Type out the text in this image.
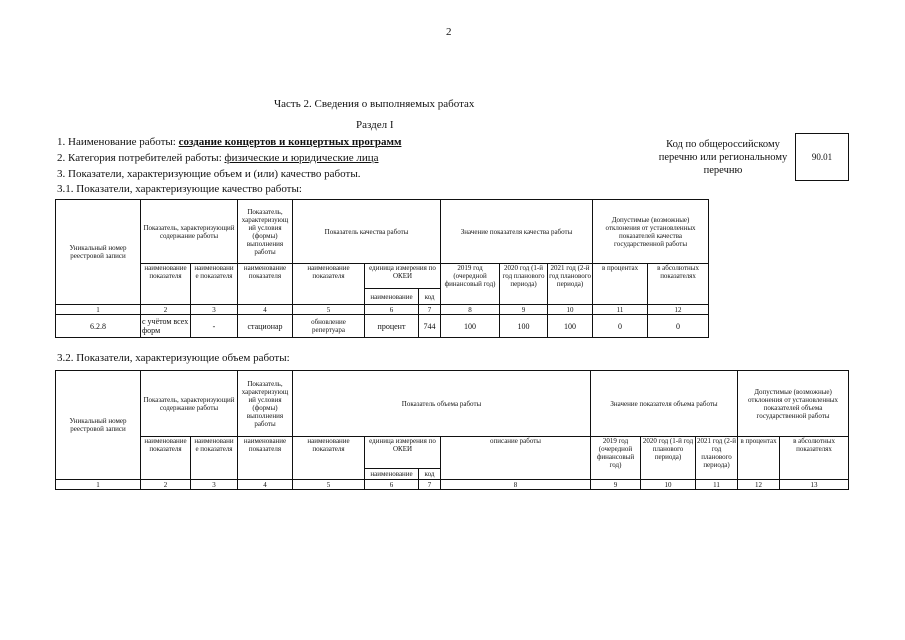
2
Часть 2. Сведения о выполняемых работах
Раздел I
1. Наименование работы: создание концертов и концертных программ
2. Категория потребителей работы: физические и юридические лица
3. Показатели, характеризующие объем и (или) качество работы.
Код по общероссийскому перечню или региональному перечню
90.01
3.1. Показатели, характеризующие качество работы:
Уникальный номер реестровой записи	Показатель, характеризующий содержание работы		Показатель, характеризующ ий условия (формы) выполнения работы	Показатель качества работы			Значение показателя качества работы			Допустимые (возможные) отклонения от установленных показателей качества государственной работы	
	наименование показателя	наименовани е показателя	наименование показателя	наименование показателя	единица измерения по ОКЕИ		2019 год (очередной финансовый год)	2020 год (1-й год планового периода)	2021 год (2-й год планового периода)	в процентах	в абсолютных показателях
					наименование	код					
1	2	3	4	5	6	7	8	9	10	11	12
6.2.8	с учётом всех форм	-	стационар	обновление репертуара	процент	744	100	100	100	0	0
3.2. Показатели, характеризующие объем работы:
Уникальный номер реестровой записи	Показатель, характеризующий содержание работы		Показатель, характеризующ ий условия (формы) выполнения работы	Показатель объема работы				Значение показателя объема работы			Допустимые (возможные) отклонения от установленных показателей объема государственной работы	
	наименование показателя	наименовани е показателя	наименование показателя	наименование показателя	единица измерения по ОКЕИ		описание работы	2019 год (очередной финансовый год)	2020 год (1-й год планового периода)	2021 год (2-й год планового периода)	в процентах	в абсолютных показателях
					наименование	код						
1	2	3	4	5	6	7	8	9	10	11	12	13
